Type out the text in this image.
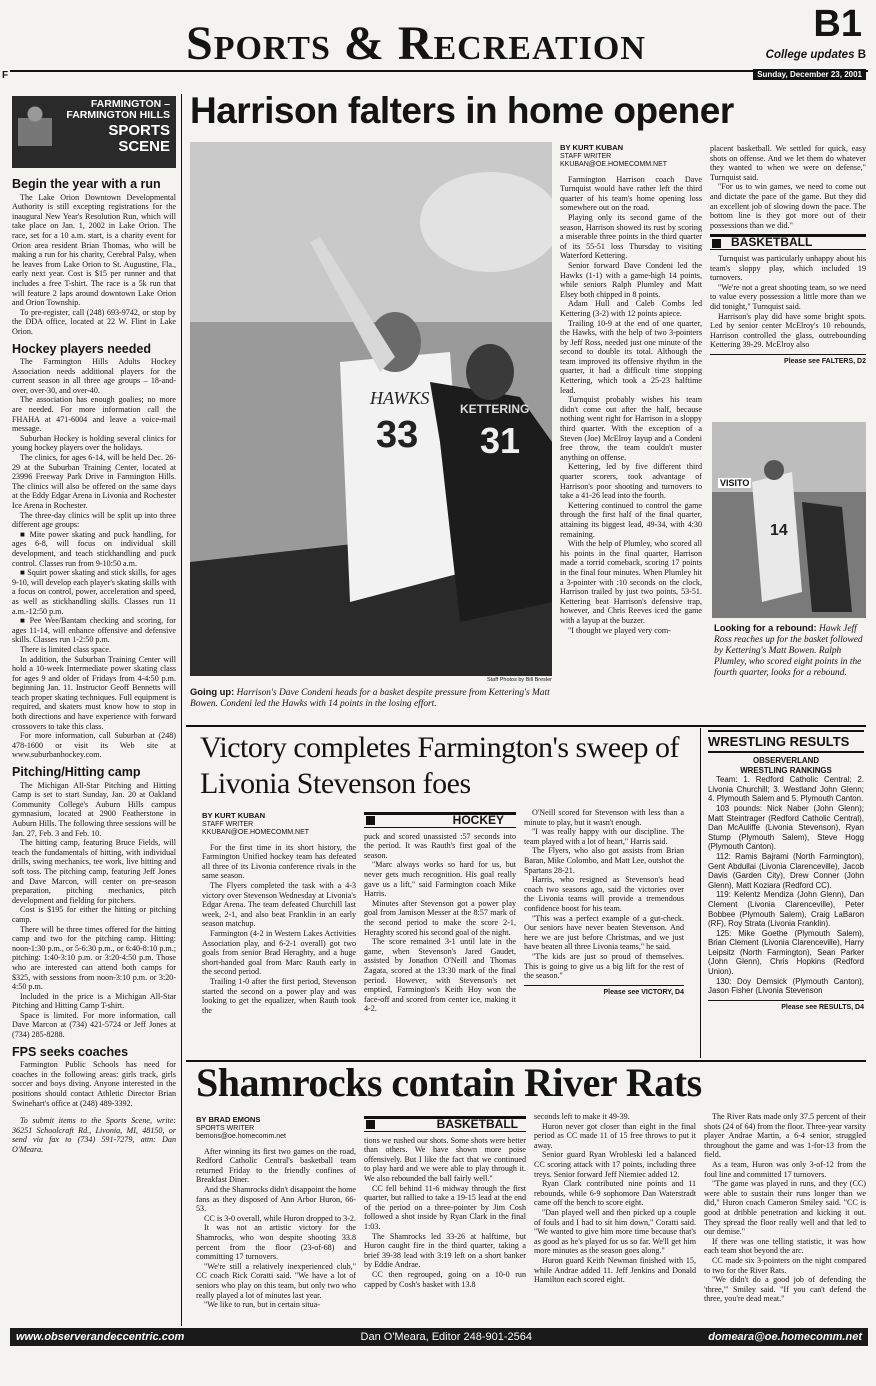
Sports & Recreation	B1
College updates B
Sunday, December 23, 2001
F
FARMINGTON –
FARMINGTON HILLS
SPORTS
SCENE

Begin the year with a run

The Lake Orion Downtown Developmental Authority is still excepting registrations for the inaugural New Year's Resolution Run, which will take place on Jan. 1, 2002 in Lake Orion. The race, set for a 10 a.m. start, is a charity event for Orion area resident Brian Thomas, who will be making a run for his charity, Cerebral Palsy, when he leaves from Lake Orion to St. Augustine, Fla., early next year. Cost is $15 per runner and that includes a free T-shirt. The race is a 5k run that will feature 2 laps around downtown Lake Orion and Orion Township.

To pre-register, call (248) 693-9742, or stop by the DDA office, located at 22 W. Flint in Lake Orion.

Hockey players needed

The Farmington Hills Adults Hockey Association needs additional players for the current season in all three age groups – 18-and-over, over-30, and over-40.

The association has enough goalies; no more are needed. For more information call the FHAHA at 471-6004 and leave a voice-mail message.

Suburban Hockey is holding several clinics for young hockey players over the holidays.

The clinics, for ages 6-14, will be held Dec. 26-29 at the Suburban Training Center, located at 23996 Freeway Park Drive in Farmington Hills. The clinics will also be offered on the same days at the Eddy Edgar Arena in Livonia and Rochester Ice Arena in Rochester.

The three-day clinics will be split up into three different age groups:

■ Mite power skating and puck handling, for ages 6-8, will focus on individual skill development, and teach stickhandling and puck control. Classes run from 9-10:50 a.m.

■ Squirt power skating and stick skills, for ages 9-10, will develop each player's skating skills with a focus on control, power, acceleration and speed, as well as stickhandling skills. Classes run 11 a.m.-12:50 p.m.

■ Pee Wee/Bantam checking and scoring, for ages 11-14, will enhance offensive and defensive skills. Classes run 1-2:50 p.m.

There is limited class space.

In addition, the Suburban Training Center will hold a 10-week Intermediate power skating class for ages 9 and older of Fridays from 4-4:50 p.m. beginning Jan. 11. Instructor Geoff Bennetts will teach proper skating techniques. Full equipment is required, and skaters must know how to stop in both directions and have experience with forward crossovers to take this class.

For more information, call Suburban at (248) 478-1600 or visit its Web site at www.suburbanhockey.com.

Pitching/Hitting camp

The Michigan All-Star Pitching and Hitting Camp is set to start Sunday, Jan. 20 at Oakland Community College's Auburn Hills campus gymnasium, located at 2900 Featherstone in Auburn Hills. The following three sessions will be Jan. 27, Feb. 3 and Feb. 10.

The hitting camp, featuring Bruce Fields, will teach the fundamentals of hitting, with individual drills, swing mechanics, tee work, live hitting and soft toss. The pitching camp, featuring Jeff Jones and Dave Marcon, will center on pre-season preparation, pitching mechanics, pitch development and fielding for pitchers.

Cost is $195 for either the hitting or pitching camp.

There will be three times offered for the hitting camp and two for the pitching camp. Hitting: noon-1:30 p.m., or 5-6:30 p.m., or 6:40-8:10 p.m.; pitching: 1:40-3:10 p.m. or 3:20-4:50 p.m. Those who are interested can attend both camps for $325, with sessions from noon-3:10 p.m. or 3:20-4:50 p.m.

Included in the price is a Michigan All-Star Pitching and Hitting Camp T-shirt.

Space is limited. For more information, call Dave Marcon at (734) 421-5724 or Jeff Jones at (734) 285-8288.

FPS seeks coaches

Farmington Public Schools has need for coaches in the following areas: girls track, girls soccer and boys diving. Anyone interested in the positions should contact Athletic Director Brian Swinehart's office at (248) 489-3392.

To submit items to the Sports Scene, write: 36251 Schoolcraft Rd., Livonia, MI, 48150, or send via fax to (734) 591-7279, attn: Dan O'Meara.

Harrison falters in home opener
HAWKS
33
KETTERING
31
Staff Photos by Bill Bresler
Going up: Harrison's Dave Condeni heads for a basket despite pressure from Kettering's Matt Bowen. Condeni led the Hawks with 14 points in the losing effort.
BY KURT KUBAN
STAFF WRITER
KKUBAN@OE.HOMECOMM.NET

Farmington Harrison coach Dave Turnquist would have rather left the third quarter of his team's home opening loss somewhere out on the road.

Playing only its second game of the season, Harrison showed its rust by scoring a miserable three points in the third quarter of its 55-51 loss Thursday to visiting Waterford Kettering.

Senior forward Dave Condeni led the Hawks (1-1) with a game-high 14 points, while seniors Ralph Plumley and Matt Elsey both chipped in 8 points.

Adam Hull and Caleb Combs led Kettering (3-2) with 12 points apiece.

Trailing 10-9 at the end of one quarter, the Hawks, with the help of two 3-pointers by Jeff Ross, needed just one minute of the second to double its total. Although the team improved its offensive rhythm in the quarter, it had a difficult time stopping Kettering, which took a 25-23 halftime lead.

Turnquist probably wishes his team didn't come out after the half, because nothing went right for Harrison in a sloppy third quarter. With the exception of a Steven (Joe) McElroy layup and a Condeni free throw, the team couldn't muster anything on offense.

Kettering, led by five different third quarter scorers, took advantage of Harrison's poor shooting and turnovers to take a 41-26 lead into the fourth.

Kettering continued to control the game through the first half of the final quarter, attaining its biggest lead, 49-34, with 4:30 remaining.

With the help of Plumley, who scored all his points in the final quarter, Harrison made a torrid comeback, scoring 17 points in the final four minutes. When Plumley hit a 3-pointer with :10 seconds on the clock, Harrison trailed by just two points, 53-51. Kettering beat Harrison's defensive trap, however, and Chris Reeves iced the game with a layup at the buzzer.

"I thought we played very com-

placent basketball. We settled for quick, easy shots on offense. And we let them do whatever they wanted to when we were on defense," Turnquist said.

"For us to win games, we need to come out and dictate the pace of the game. But they did an excellent job of slowing down the pace. The bottom line is they got more out of their possessions than we did."

BASKETBALL

Turnquist was particularly unhappy about his team's sloppy play, which included 19 turnovers.

"We're not a great shooting team, so we need to value every possession a little more than we did tonight," Turnquist said.

Harrison's play did have some bright spots. Led by senior center McElroy's 10 rebounds, Harrison controlled the glass, outrebounding Kettering 39-29. McElroy also

Please see FALTERS, D2
VISITO
14
Looking for a rebound: Hawk Jeff Ross reaches up for the basket followed by Kettering's Matt Bowen. Ralph Plumley, who scored eight points in the fourth quarter, looks for a rebound.
Victory completes Farmington's sweep of Livonia Stevenson foes
BY KURT KUBAN
STAFF WRITER
KKUBAN@OE.HOMECOMM.NET

For the first time in its short history, the Farmington Unified hockey team has defeated all three of its Livonia conference rivals in the same season.

The Flyers completed the task with a 4-3 victory over Stevenson Wednesday at Livonia's Edgar Arena. The team defeated Churchill last week, 2-1, and also beat Franklin in an early season matchup.

Farmington (4-2 in Western Lakes Activities Association play, and 6-2-1 overall) got two goals from senior Brad Heraghty, and a huge short-handed goal from Marc Rauth early in the second period.

Trailing 1-0 after the first period, Stevenson started the second on a power play and was looking to get the equalizer, when Rauth took the

HOCKEY

puck and scored unassisted :57 seconds into the period. It was Rauth's first goal of the season.

"Marc always works so hard for us, but never gets much recognition. His goal really gave us a lift," said Farmington coach Mike Harris.

Minutes after Stevenson got a power play goal from Jamison Messer at the 8:57 mark of the second period to make the score 2-1, Heraghty scored his second goal of the night.

The score remained 3-1 until late in the game, when Stevenson's Jared Gaudet, assisted by Jonathon O'Neill and Thomas Zagata, scored at the 13:30 mark of the final period. However, with Stevenson's net emptied, Farmington's Keith Hoy won the face-off and scored from center ice, making it 4-2.

O'Neill scored for Stevenson with less than a minute to play, but it wasn't enough.

"I was really happy with our discipline. The team played with a lot of heart," Harris said.

The Flyers, who also got assists from Brian Baran, Mike Colombo, and Matt Lee, outshot the Spartans 28-21.

Harris, who resigned as Stevenson's head coach two seasons ago, said the victories over the Livonia teams will provide a tremendous confidence boost for his team.

"This was a perfect example of a gut-check. Our seniors have never beaten Stevenson. And here we are just before Christmas, and we just have beaten all three Livonia teams," he said.

"The kids are just so proud of themselves. This is going to give us a big lift for the rest of the season."

Please see VICTORY, D4
WRESTLING RESULTS

OBSERVERLAND

WRESTLING RANKINGS

Team: 1. Redford Catholic Central; 2. Livonia Churchill; 3. Westland John Glenn; 4. Plymouth Salem and 5. Plymouth Canton.

103 pounds: Nick Naber (John Glenn); Matt Steintrager (Redford Catholic Central), Dan McAuliffe (Livonia Stevenson), Ryan Stump (Plymouth Salem), Steve Hogg (Plymouth Canton).

112: Ramis Bajrami (North Farmington), Gent Abdullai (Livonia Clarenceville), Jacob Davis (Garden City), Drew Conner (John Glenn), Matt Koziara (Redford CC).

119: Kelentz Mendiza (John Glenn), Dan Clement (Livonia Clarenceville), Peter Bobbee (Plymouth Salem), Craig LaBaron (RF), Roy Strata (Livonia Franklin).

125: Mike Goethe (Plymouth Salem), Brian Clement (Livonia Clarenceville), Harry Leipsitz (North Farmington), Sean Parker (John Glenn), Chris Hopkins (Redford Union).

130: Doy Demsick (Plymouth Canton), Jason Fisher (Livonia Stevenson

Please see RESULTS, D4
Shamrocks contain River Rats
BY BRAD EMONS
SPORTS WRITER
bemons@oe.homecomm.net

After winning its first two games on the road, Redford Catholic Central's basketball team returned Friday to the friendly confines of Breakfast Diner.

And the Shamrocks didn't disappoint the home fans as they disposed of Ann Arbor Huron, 66-53.

CC is 3-0 overall, while Huron dropped to 3-2.

It was not an artistic victory for the Shamrocks, who won despite shooting 33.8 percent from the floor (23-of-68) and committing 17 turnovers.

"We're still a relatively inexperienced club," CC coach Rick Coratti said. "We have a lot of seniors who play on this team, but only two who really played a lot of minutes last year.

"We like to run, but in certain situa-

BASKETBALL

tions we rushed our shots. Some shots were better than others. We have shown more poise offensively. But I like the fact that we continued to play hard and we were able to play through it. We also rebounded the ball fairly well."

CC fell behind 11-6 midway through the first quarter, but rallied to take a 19-15 lead at the end of the period on a three-pointer by Jim Cosh followed a shot inside by Ryan Clark in the final 1:03.

The Shamrocks led 33-26 at halftime, but Huron caught fire in the third quarter, taking a brief 39-38 lead with 3:19 left on a short banker by Eddie Andrae.

CC then regrouped, going on a 10-0 run capped by Cosh's basket with 13.8

seconds left to make it 49-39.

Huron never got closer than eight in the final period as CC made 11 of 15 free throws to put it away.

Senior guard Ryan Wrobleski led a balanced CC scoring attack with 17 points, including three treys. Senior forward Jeff Niemiec added 12.

Ryan Clark contributed nine points and 11 rebounds, while 6-9 sophomore Dan Waterstradt came off the bench to score eight.

"Dan played well and then picked up a couple of fouls and I had to sit him down," Coratti said. "We wanted to give him more time because that's as good as he's played for us so far. We'll get him more minutes as the season goes along."

Huron guard Keith Newman finished with 15, while Andrae added 11. Jeff Jenkins and Donald Hamilton each scored eight.

The River Rats made only 37.5 percent of their shots (24 of 64) from the floor. Three-year varsity player Andrae Martin, a 6-4 senior, struggled throughout the game and was 1-for-13 from the field.

As a team, Huron was only 3-of-12 from the foul line and committed 17 turnovers.

"The game was played in runs, and they (CC) were able to sustain their runs longer than we did," Huron coach Cameron Smiley said. "CC is good at dribble penetration and kicking it out. They spread the floor really well and that led to our demise."

If there was one telling statistic, it was how each team shot beyond the arc.

CC made six 3-pointers on the night compared to two for the River Rats.

"We didn't do a good job of defending the 'three,'" Smiley said. "If you can't defend the three, you're dead meat."

www.observerandeccentric.com	Dan O'Meara, Editor 248-901-2564	domeara@oe.homecomm.net
